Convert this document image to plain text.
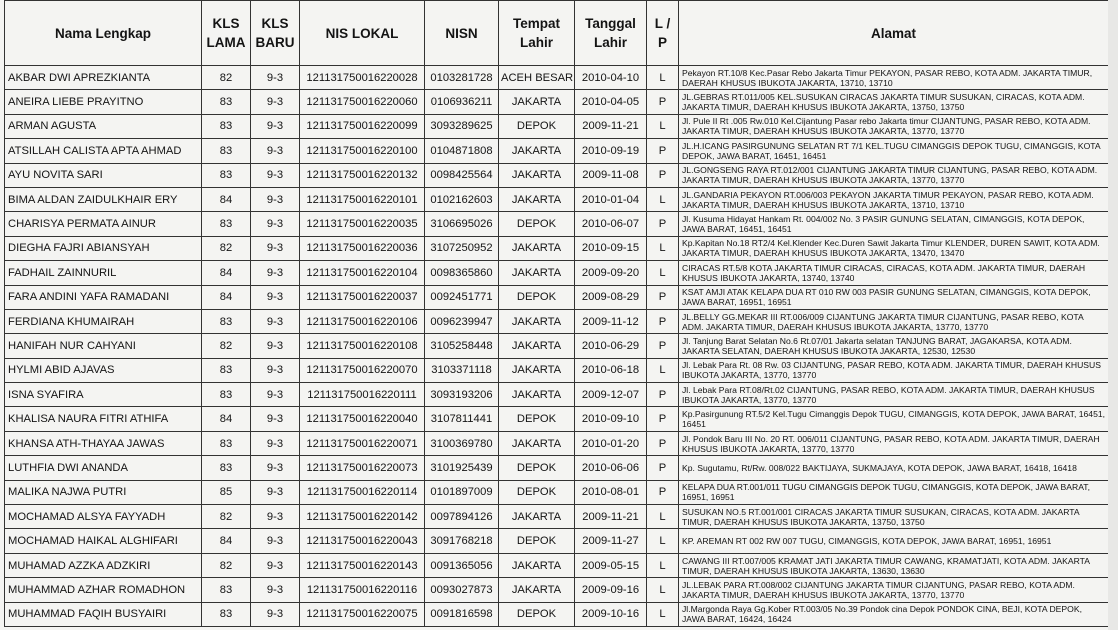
Nama Lengkap	KLS LAMA	KLS BARU	NIS LOKAL	NISN	Tempat Lahir	Tanggal Lahir	L / P	Alamat
AKBAR DWI APREZKIANTA	82	9-3	121131750016220028	0103281728	ACEH BESAR	2010-04-10	L	Pekayon RT.10/8 Kec.Pasar Rebo Jakarta Timur PEKAYON, PASAR REBO, KOTA ADM. JAKARTA TIMUR, DAERAH KHUSUS IBUKOTA JAKARTA, 13710, 13710

ANEIRA LIEBE PRAYITNO	83	9-3	121131750016220060	0106936211	JAKARTA	2010-04-05	P	JL.GEBRAS RT.011/005 KEL.SUSUKAN CIRACAS JAKARTA TIMUR SUSUKAN, CIRACAS, KOTA ADM. JAKARTA TIMUR, DAERAH KHUSUS IBUKOTA JAKARTA, 13750, 13750

ARMAN AGUSTA	83	9-3	121131750016220099	3093289625	DEPOK	2009-11-21	L	Jl. Pule II Rt .005 Rw.010 Kel.Cijantung Pasar rebo Jakarta timur CIJANTUNG, PASAR REBO, KOTA ADM. JAKARTA TIMUR, DAERAH KHUSUS IBUKOTA JAKARTA, 13770, 13770

ATSILLAH CALISTA APTA AHMAD	83	9-3	121131750016220100	0104871808	JAKARTA	2010-09-19	P	JL.H.ICANG PASIRGUNUNG SELATAN RT 7/1 KEL.TUGU CIMANGGIS DEPOK TUGU, CIMANGGIS, KOTA DEPOK, JAWA BARAT, 16451, 16451

AYU NOVITA SARI	83	9-3	121131750016220132	0098425564	JAKARTA	2009-11-08	P	JL.GONGSENG RAYA RT.012/001 CIJANTUNG JAKARTA TIMUR CIJANTUNG, PASAR REBO, KOTA ADM. JAKARTA TIMUR, DAERAH KHUSUS IBUKOTA JAKARTA, 13770, 13770

BIMA ALDAN ZAIDULKHAIR ERY	84	9-3	121131750016220101	0102162603	JAKARTA	2010-01-04	L	JL.GANDARIA PEKAYON RT.006/003 PEKAYON JAKARTA TIMUR PEKAYON, PASAR REBO, KOTA ADM. JAKARTA TIMUR, DAERAH KHUSUS IBUKOTA JAKARTA, 13710, 13710

CHARISYA PERMATA AINUR	83	9-3	121131750016220035	3106695026	DEPOK	2010-06-07	P	Jl. Kusuma Hidayat Hankam Rt. 004/002 No. 3 PASIR GUNUNG SELATAN, CIMANGGIS, KOTA DEPOK, JAWA BARAT, 16451, 16451

DIEGHA FAJRI ABIANSYAH	82	9-3	121131750016220036	3107250952	JAKARTA	2010-09-15	L	Kp.Kapitan No.18 RT2/4 Kel.Klender Kec.Duren Sawit Jakarta Timur KLENDER, DUREN SAWIT, KOTA ADM. JAKARTA TIMUR, DAERAH KHUSUS IBUKOTA JAKARTA, 13470, 13470

FADHAIL ZAINNURIL	84	9-3	121131750016220104	0098365860	JAKARTA	2009-09-20	L	CIRACAS RT.5/8 KOTA JAKARTA TIMUR CIRACAS, CIRACAS, KOTA ADM. JAKARTA TIMUR, DAERAH KHUSUS IBUKOTA JAKARTA, 13740, 13740

FARA ANDINI YAFA RAMADANI	84	9-3	121131750016220037	0092451771	DEPOK	2009-08-29	P	KSAT AMJI ATAK KELAPA DUA RT 010 RW 003 PASIR GUNUNG SELATAN, CIMANGGIS, KOTA DEPOK, JAWA BARAT, 16951, 16951

FERDIANA KHUMAIRAH	83	9-3	121131750016220106	0096239947	JAKARTA	2009-11-12	P	JL.BELLY GG.MEKAR III RT.006/009 CIJANTUNG JAKARTA TIMUR CIJANTUNG, PASAR REBO, KOTA ADM. JAKARTA TIMUR, DAERAH KHUSUS IBUKOTA JAKARTA, 13770, 13770

HANIFAH NUR CAHYANI	82	9-3	121131750016220108	3105258448	JAKARTA	2010-06-29	P	Jl. Tanjung Barat Selatan No.6 Rt.07/01 Jakarta selatan TANJUNG BARAT, JAGAKARSA, KOTA ADM. JAKARTA SELATAN, DAERAH KHUSUS IBUKOTA JAKARTA, 12530, 12530

HYLMI ABID AJAVAS	83	9-3	121131750016220070	3103371118	JAKARTA	2010-06-18	L	Jl. Lebak Para Rt. 08 Rw. 03 CIJANTUNG, PASAR REBO, KOTA ADM. JAKARTA TIMUR, DAERAH KHUSUS IBUKOTA JAKARTA, 13770, 13770

ISNA SYAFIRA	83	9-3	121131750016220111	3093193206	JAKARTA	2009-12-07	P	Jl. Lebak Para RT.08/Rt.02 CIJANTUNG, PASAR REBO, KOTA ADM. JAKARTA TIMUR, DAERAH KHUSUS IBUKOTA JAKARTA, 13770, 13770

KHALISA NAURA FITRI ATHIFA	84	9-3	121131750016220040	3107811441	DEPOK	2010-09-10	P	Kp.Pasirgunung RT.5/2 Kel.Tugu Cimanggis Depok TUGU, CIMANGGIS, KOTA DEPOK, JAWA BARAT, 16451, 16451

KHANSA ATH-THAYAA JAWAS	83	9-3	121131750016220071	3100369780	JAKARTA	2010-01-20	P	Jl. Pondok Baru III No. 20 RT. 006/011 CIJANTUNG, PASAR REBO, KOTA ADM. JAKARTA TIMUR, DAERAH KHUSUS IBUKOTA JAKARTA, 13770, 13770

LUTHFIA DWI ANANDA	83	9-3	121131750016220073	3101925439	DEPOK	2010-06-06	P	Kp. Sugutamu, Rt/Rw. 008/022 BAKTIJAYA, SUKMAJAYA, KOTA DEPOK, JAWA BARAT, 16418, 16418

MALIKA NAJWA PUTRI	85	9-3	121131750016220114	0101897009	DEPOK	2010-08-01	P	KELAPA DUA RT.001/011 TUGU CIMANGGIS DEPOK TUGU, CIMANGGIS, KOTA DEPOK, JAWA BARAT, 16951, 16951

MOCHAMAD ALSYA FAYYADH	82	9-3	121131750016220142	0097894126	JAKARTA	2009-11-21	L	SUSUKAN NO.5 RT.001/001 CIRACAS JAKARTA TIMUR SUSUKAN, CIRACAS, KOTA ADM. JAKARTA TIMUR, DAERAH KHUSUS IBUKOTA JAKARTA, 13750, 13750

MOCHAMAD HAIKAL ALGHIFARI	84	9-3	121131750016220043	3091768218	DEPOK	2009-11-27	L	KP. AREMAN RT 002 RW 007 TUGU, CIMANGGIS, KOTA DEPOK, JAWA BARAT, 16951, 16951

MUHAMAD AZZKA ADZKIRI	82	9-3	121131750016220143	0091365056	JAKARTA	2009-05-15	L	CAWANG III RT.007/005 KRAMAT JATI JAKARTA TIMUR CAWANG, KRAMATJATI, KOTA ADM. JAKARTA TIMUR, DAERAH KHUSUS IBUKOTA JAKARTA, 13630, 13630

MUHAMMAD AZHAR ROMADHON	83	9-3	121131750016220116	0093027873	JAKARTA	2009-09-16	L	JL.LEBAK PARA RT.008/002 CIJANTUNG JAKARTA TIMUR CIJANTUNG, PASAR REBO, KOTA ADM. JAKARTA TIMUR, DAERAH KHUSUS IBUKOTA JAKARTA, 13770, 13770

MUHAMMAD FAQIH BUSYAIRI	83	9-3	121131750016220075	0091816598	DEPOK	2009-10-16	L	Jl.Margonda Raya Gg.Kober RT.003/05 No.39 Pondok cina Depok PONDOK CINA, BEJI, KOTA DEPOK, JAWA BARAT, 16424, 16424
